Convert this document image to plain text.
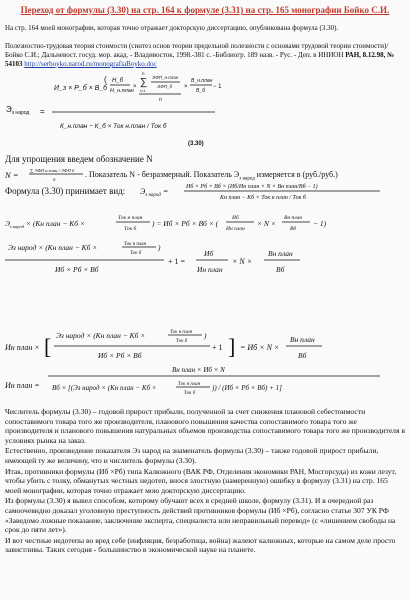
Переход от формулы (3.30) на стр. 164 к формуле (3.31) на стр. 165 монографии Бойко С.И.

На стр. 164 моей монографии, которая точно отражает докторскую диссертацию, опубликована формула (3.30).

Полезностно-трудовая теория стоимости (синтез основ теории предельной полезности с основами трудовой теории стоимости)/ Бойко С.И.; Дальневост. госуд. мор. акад. - Владивосток, 1998.-381 с. -Библиогр. 189 назв. - Рус. - Деп. в ИНИОН РАН, 8.12.98, № 54103 http://serboyko.narod.ru/monografiaBoyko.doc

$Э_{з народ}$ =
И_з × P_б × В_б
( Н_б
Н_н.план
×
n
∑
i=1
ЭФП_н.план
ЭФП_б
n
×
В_н.план
В_б
− 1
К_н.план − К_б × Ток н.план / Ток б
(3.30)

Для упрощения введем обозначение N

N =	∑ ЭФП н.план / ЭФП б
n
. Показатель N - безразмерный. Показатель $Э_{з народ}$ измеряется в (руб./руб.)

Формула (3.30) принимает вид:	$Э_{з народ}$ =	Иб × Рб × Вб × (Иб/Ин план × N × Вн план/Вб − 1)
Кн план − Кб × Ток н план / Ток б
$Э_{з народ} \times (Кн$ план − Кб ×
Ток н план
Ток б
) = Иб × Рб × Вб × (
Иб
Ин план
× N ×
Вн план
Вб
− 1)
Эз народ × (Кн план − Кб ×	Ток н план
Ток б
)
Иб × Рб × Вб
+ 1 =
Иб
Ин план
× N ×
Вн план
Вб
Ин план × [ Эз народ × (Кн план − Кб ×	Ток н план
Ток б
)
Иб × Рб × Вб
+ 1 ] = Иб × N ×
Вн план
Вб
Ин план =
Вн план × Иб × N
Вб × [(Эз народ × (Кн план − Кб ×	Ток н план
Ток б
)) / (Иб × Рб × Вб) + 1]

Числитель формулы (3.30) – годовой прирост прибыли, полученной за счет снижения плановой себестоимости сопоставимого товара того же производителя, планового повышения качества сопоставимого товара того же производителя и планового повышения натуральных объемов производства сопоставимого товара того же производителя в условиях рынка на заказ.

Естественно, произведение показателя Эз народ на знаменатель формулы (3.30) – также годовой прирост прибыли, имеющей ту же величину, что и числитель формулы (3.30).

Итак, противники формулы (Иб ×Рб) типа Калюжного (ВАК РФ, Отделения экономики РАН, Мосгорсуда) из кожи лезут, чтобы убить с толку, обманутых честных недотеп, внося злостную (намеренную) ошибку в формулу (3.31) на стр. 165 моей монографии, которая точно отражает мою докторскую диссертацию.

Из формулы (3.30) я вывел способом, которому обучают всех в средней школе, формулу (3.31). И в очередной раз самоочевидно доказал уголовную преступность действий противников формулы (Иб ×Рб), согласно статье 307 УК РФ «Заведомо ложные показание, заключение эксперта, специалиста или неправильный перевод» (с «лишением свободы на срок до пяти лет»).

И вот честные недотепы во вред себе (инфляция, безработица, война) жалеют калюжных, которые на самом деле просто завистливы. Таких сегодня - большинство в экономической науке на планете.
